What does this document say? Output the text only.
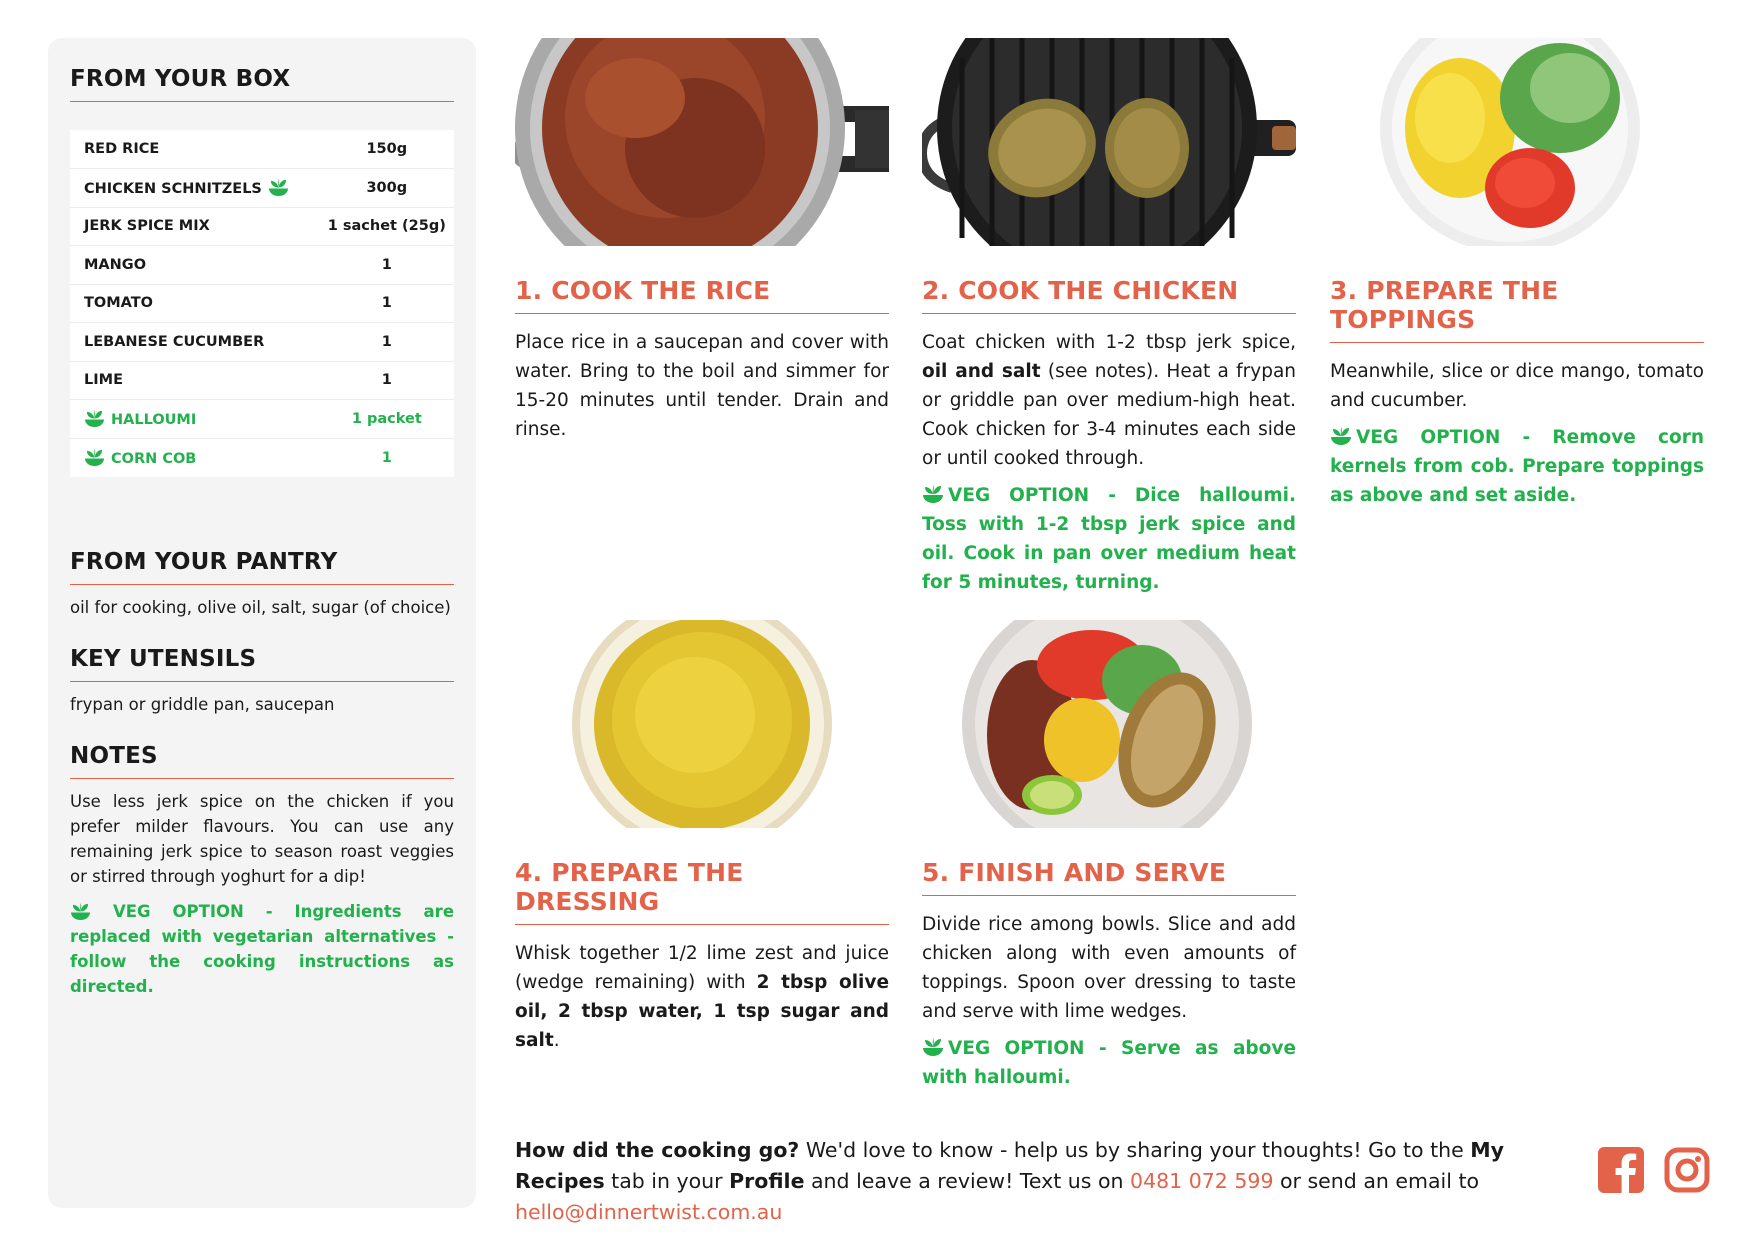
FROM YOUR BOX
RED RICE	150g
CHICKEN SCHNITZELS	300g
JERK SPICE MIX	1 sachet (25g)
MANGO	1
TOMATO	1
LEBANESE CUCUMBER	1
LIME	1

HALLOUMI	1 packet

CORN COB	1
FROM YOUR PANTRY

oil for cooking, olive oil, salt, sugar (of choice)

KEY UTENSILS

frypan or griddle pan, saucepan

NOTES

Use less jerk spice on the chicken if you prefer milder flavours. You can use any remaining jerk spice to season roast veggies or stirred through yoghurt for a dip!

VEG OPTION - Ingredients are replaced with vegetarian alternatives - follow the cooking instructions as directed.

1. COOK THE RICE

Place rice in a saucepan and cover with water. Bring to the boil and simmer for 15-20 minutes until tender. Drain and rinse.

2. COOK THE CHICKEN

Coat chicken with 1-2 tbsp jerk spice, oil and salt (see notes). Heat a frypan or griddle pan over medium-high heat. Cook chicken for 3-4 minutes each side or until cooked through.

VEG OPTION - Dice halloumi. Toss with 1-2 tbsp jerk spice and oil. Cook in pan over medium heat for 5 minutes, turning.

3. PREPARE THE TOPPINGS

Meanwhile, slice or dice mango, tomato and cucumber.

VEG OPTION - Remove corn kernels from cob. Prepare toppings as above and set aside.

4. PREPARE THE DRESSING

Whisk together 1/2 lime zest and juice (wedge remaining) with 2 tbsp olive oil, 2 tbsp water, 1 tsp sugar and salt.

5. FINISH AND SERVE

Divide rice among bowls. Slice and add chicken along with even amounts of toppings. Spoon over dressing to taste and serve with lime wedges.

VEG OPTION - Serve as above with halloumi.

How did the cooking go? We'd love to know - help us by sharing your thoughts! Go to the My Recipes tab in your Profile and leave a review! Text us on 0481 072 599 or send an email to hello@dinnertwist.com.au
